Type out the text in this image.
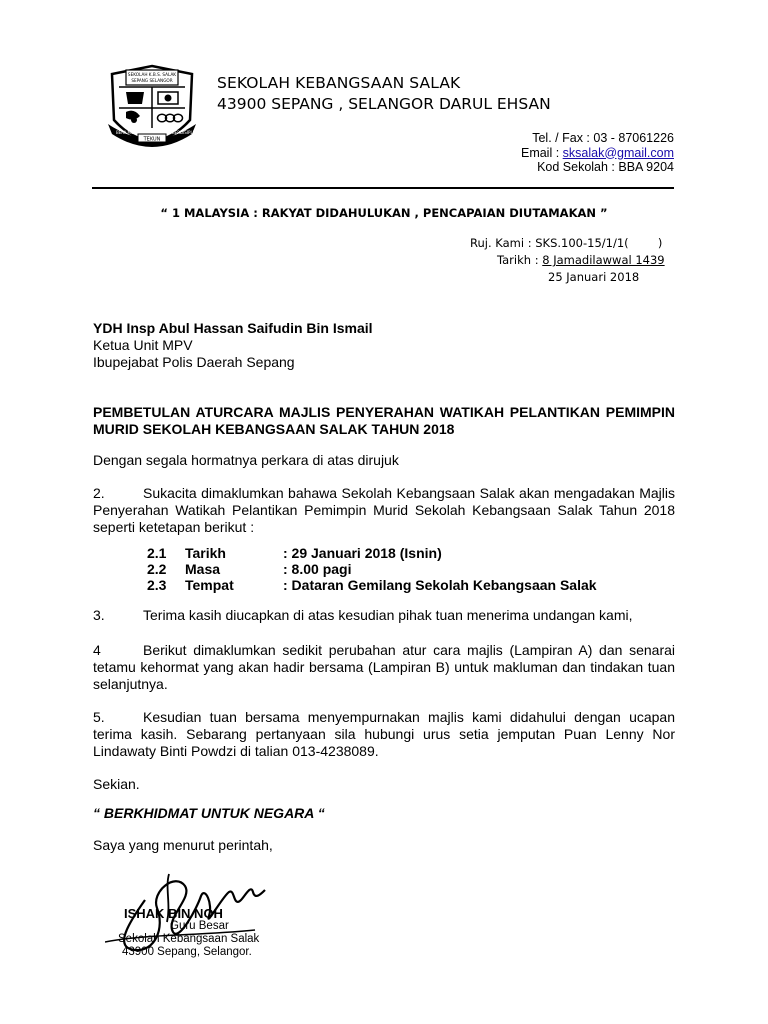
SEKOLAH K.B.S. SALAK
SEPANG SELANGOR
TEKUN
BERILMU	BERDISIPLIN
SEKOLAH KEBANGSAAN SALAK
43900 SEPANG , SELANGOR DARUL EHSAN
Tel. / Fax : 03 - 87061226
Email : sksalak@gmail.com
Kod Sekolah : BBA 9204
“ 1 MALAYSIA : RAKYAT DIDAHULUKAN , PENCAPAIAN DIUTAMAKAN ”
Ruj. Kami : SKS.100-15/1/1(        )
Tarikh : 8 Jamadilawwal 1439
25 Januari 2018
YDH Insp Abul Hassan Saifudin Bin Ismail
Ketua Unit MPV
Ibupejabat Polis Daerah Sepang
PEMBETULAN ATURCARA MAJLIS PENYERAHAN WATIKAH PELANTIKAN PEMIMPIN MURID SEKOLAH KEBANGSAAN SALAK TAHUN 2018
Dengan segala hormatnya perkara di atas dirujuk
2.	Sukacita dimaklumkan bahawa Sekolah Kebangsaan Salak akan mengadakan Majlis Penyerahan Watikah Pelantikan Pemimpin Murid Sekolah Kebangsaan Salak Tahun 2018 seperti ketetapan berikut :
2.1	Tarikh	: 29 Januari 2018 (Isnin)
2.2	Masa	: 8.00 pagi
2.3	Tempat	: Dataran Gemilang Sekolah Kebangsaan Salak
3.	Terima kasih diucapkan di atas kesudian pihak tuan menerima undangan kami,
4	Berikut dimaklumkan sedikit perubahan atur cara majlis (Lampiran A) dan senarai tetamu kehormat yang akan hadir bersama (Lampiran B) untuk makluman dan tindakan tuan selanjutnya.
5.	Kesudian tuan bersama menyempurnakan majlis kami didahului dengan ucapan terima kasih. Sebarang pertanyaan sila hubungi urus setia jemputan Puan Lenny Nor Lindawaty Binti Powdzi di talian 013-4238089.
Sekian.
“ BERKHIDMAT UNTUK NEGARA “
Saya yang menurut perintah,
ISHAK BIN NOH
Guru Besar
Sekolah Kebangsaan Salak
43900 Sepang, Selangor.
